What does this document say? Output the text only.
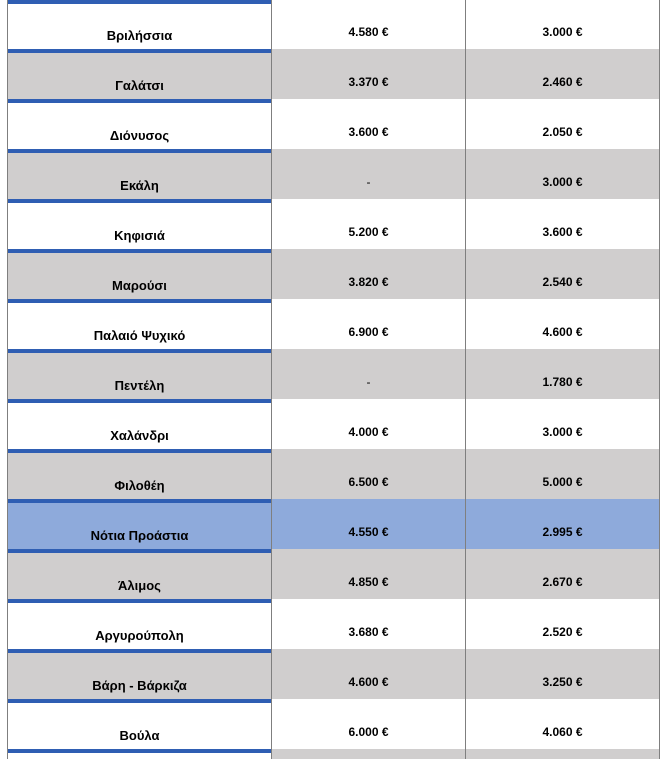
Βριλήσσια	4.580 €	3.000 €
Γαλάτσι	3.370 €	2.460 €
Διόνυσος	3.600 €	2.050 €
Εκάλη	-	3.000 €
Κηφισιά	5.200 €	3.600 €
Μαρούσι	3.820 €	2.540 €
Παλαιό Ψυχικό	6.900 €	4.600 €
Πεντέλη	-	1.780 €
Χαλάνδρι	4.000 €	3.000 €
Φιλοθέη	6.500 €	5.000 €
Νότια Προάστια	4.550 €	2.995 €
Άλιμος	4.850 €	2.670 €
Αργυρούπολη	3.680 €	2.520 €
Βάρη - Βάρκιζα	4.600 €	3.250 €
Βούλα	6.000 €	4.060 €
